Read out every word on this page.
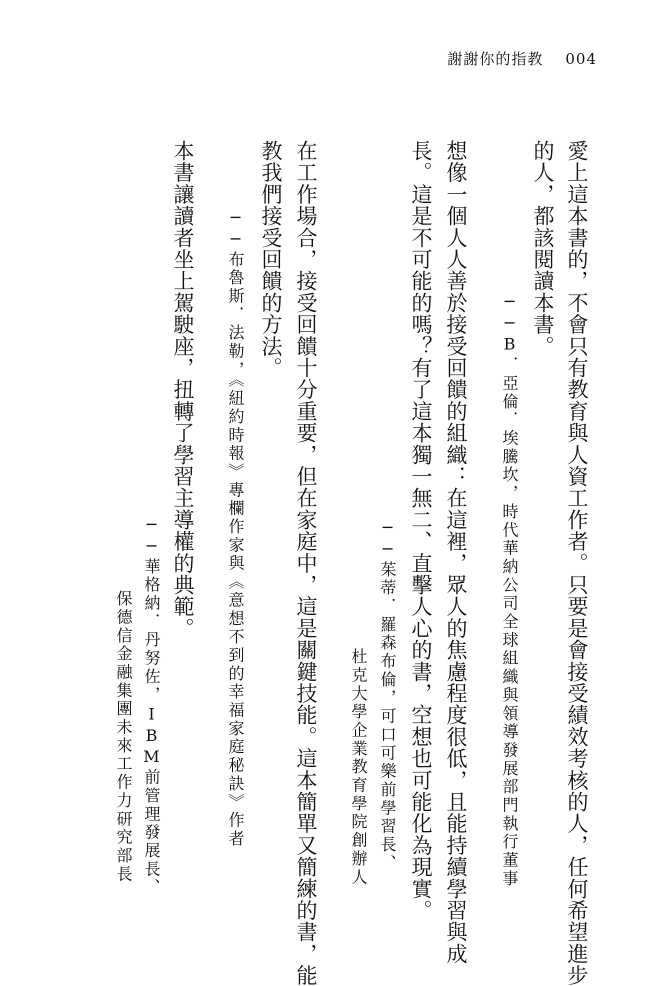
謝謝你的指教 004
愛上這本書的，不會只有教育與人資工作者。只要是會接受績效考核的人，任何希望進步
的人，都該閱讀本書。
──B．亞倫．埃騰坎，時代華納公司全球組織與領導發展部門執行董事
想像一個人人善於接受回饋的組織：在這裡，眾人的焦慮程度很低，且能持續學習與成
長。這是不可能的嗎？有了這本獨一無二、直擊人心的書，空想也可能化為現實。
──茱蒂．羅森布倫，可口可樂前學習長、
杜克大學企業教育學院創辦人
在工作場合，接受回饋十分重要，但在家庭中，這是關鍵技能。這本簡單又簡練的書，能
教我們接受回饋的方法。
──布魯斯．法勒，《紐約時報》專欄作家與《意想不到的幸福家庭秘訣》作者
本書讓讀者坐上駕駛座，扭轉了學習主導權的典範。
──華格納．丹努佐，IBM前管理發展長、
保德信金融集團未來工作力研究部長
